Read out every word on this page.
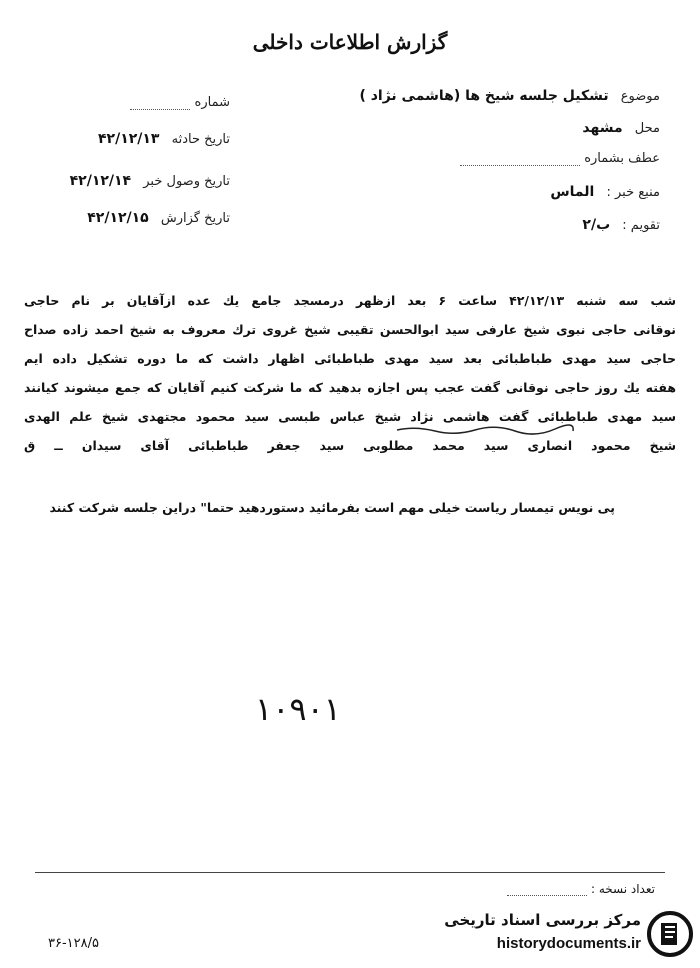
گزارش اطلاعات داخلی
موضوع تشکیل جلسه شیخ ها (هاشمی نژاد )
محل مشهد
عطف بشماره
منبع خبر : الماس
تقویم : ب/۲
شماره
تاریخ حادثه ۴۲/۱۲/۱۳
تاریخ وصول خبر ۴۲/۱۲/۱۴
تاریخ گزارش ۴۲/۱۲/۱۵
شب سه شنبه ۴۲/۱۲/۱۳ ساعت ۶ بعد ازظهر درمسجد جامع یك عده ازآقایان بر نام حاجی
نوقانی حاجی نبوی شیخ عارفی سید ابوالحسن تقیبی شیخ غروی ترك معروف به شیخ احمد زاده صداح
حاجی سید مهدی طباطبائی بعد سید مهدی طباطبائی اظهار داشت که ما دوره تشکیل داده ایم
هفته یك روز حاجی نوقانی گفت عجب پس اجازه بدهید که ما شرکت کنیم آقایان که جمع میشوند کیانند
سید مهدی طباطبائی گفت هاشمی نژاد شیخ عباس طبسی سید محمود مجتهدی شیخ علم الهدی
شیخ محمود انصاری سید محمد مطلوبی سید جعفر طباطبائی آقای سیدان ــ ق
پی نویس تیمسار ریاست خیلی مهم است بفرمائید دستوردهید حتما" دراین جلسه شرکت کنند
۱۰۹۰۱
تعداد نسخه :
۳۶-۱۲۸/۵
مرکز بررسی اسناد تاریخی
historydocuments.ir
